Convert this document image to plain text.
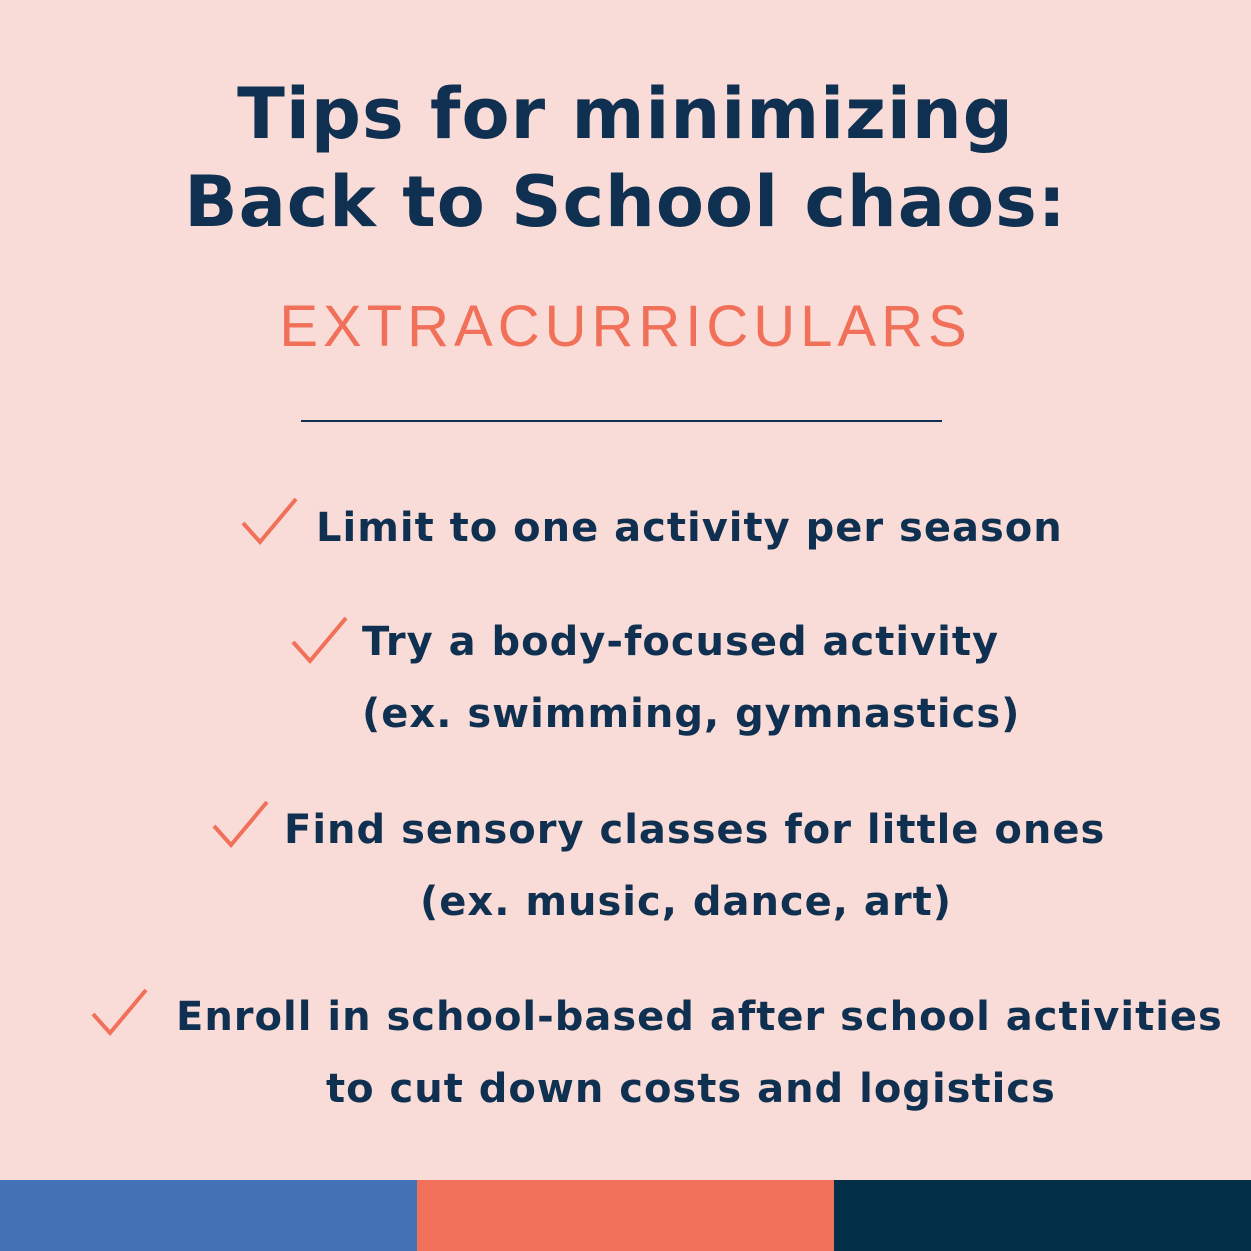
Tips for minimizing
Back to School chaos:
EXTRACURRICULARS
Limit to one activity per season
Try a body-focused activity
(ex. swimming, gymnastics)
Find sensory classes for little ones
(ex. music, dance, art)
Enroll in school-based after school activities
to cut down costs and logistics
